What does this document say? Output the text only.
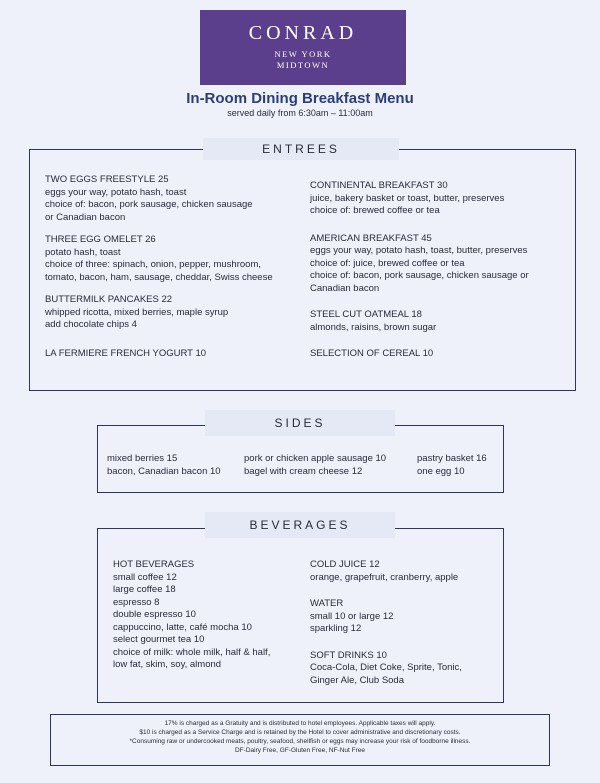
CONRAD
NEW YORK
MIDTOWN
In-Room Dining Breakfast Menu
served daily from 6:30am – 11:00am
ENTREES
TWO EGGS FREESTYLE 25
eggs your way, potato hash, toast
choice of: bacon, pork sausage, chicken sausage
or Canadian bacon
THREE EGG OMELET 26
potato hash, toast
choice of three: spinach, onion, pepper, mushroom,
tomato, bacon, ham, sausage, cheddar, Swiss cheese
BUTTERMILK PANCAKES 22
whipped ricotta, mixed berries, maple syrup
add chocolate chips 4
LA FERMIERE FRENCH YOGURT 10
CONTINENTAL BREAKFAST 30
juice, bakery basket or toast, butter, preserves
choice of: brewed coffee or tea
AMERICAN BREAKFAST 45
eggs your way, potato hash, toast, butter, preserves
choice of: juice, brewed coffee or tea
choice of: bacon, pork sausage, chicken sausage or
Canadian bacon
STEEL CUT OATMEAL 18
almonds, raisins, brown sugar
SELECTION OF CEREAL 10
SIDES
mixed berries 15
bacon, Canadian bacon 10
pork or chicken apple sausage 10
bagel with cream cheese 12
pastry basket 16
one egg 10
BEVERAGES
HOT BEVERAGES
small coffee 12
large coffee 18
espresso 8
double espresso 10
cappuccino, latte, café mocha 10
select gourmet tea 10
choice of milk: whole milk, half & half,
low fat, skim, soy, almond
COLD JUICE 12
orange, grapefruit, cranberry, apple
WATER
small 10 or large 12
sparkling 12
SOFT DRINKS 10
Coca-Cola, Diet Coke, Sprite, Tonic,
Ginger Ale, Club Soda
17% is charged as a Gratuity and is distributed to hotel employees. Applicable taxes will apply.
$10 is charged as a Service Charge and is retained by the Hotel to cover administrative and discretionary costs.
*Consuming raw or undercooked meats, poultry, seafood, shellfish or eggs may increase your risk of foodborne illness.
DF-Dairy Free, GF-Gluten Free, NF-Nut Free
